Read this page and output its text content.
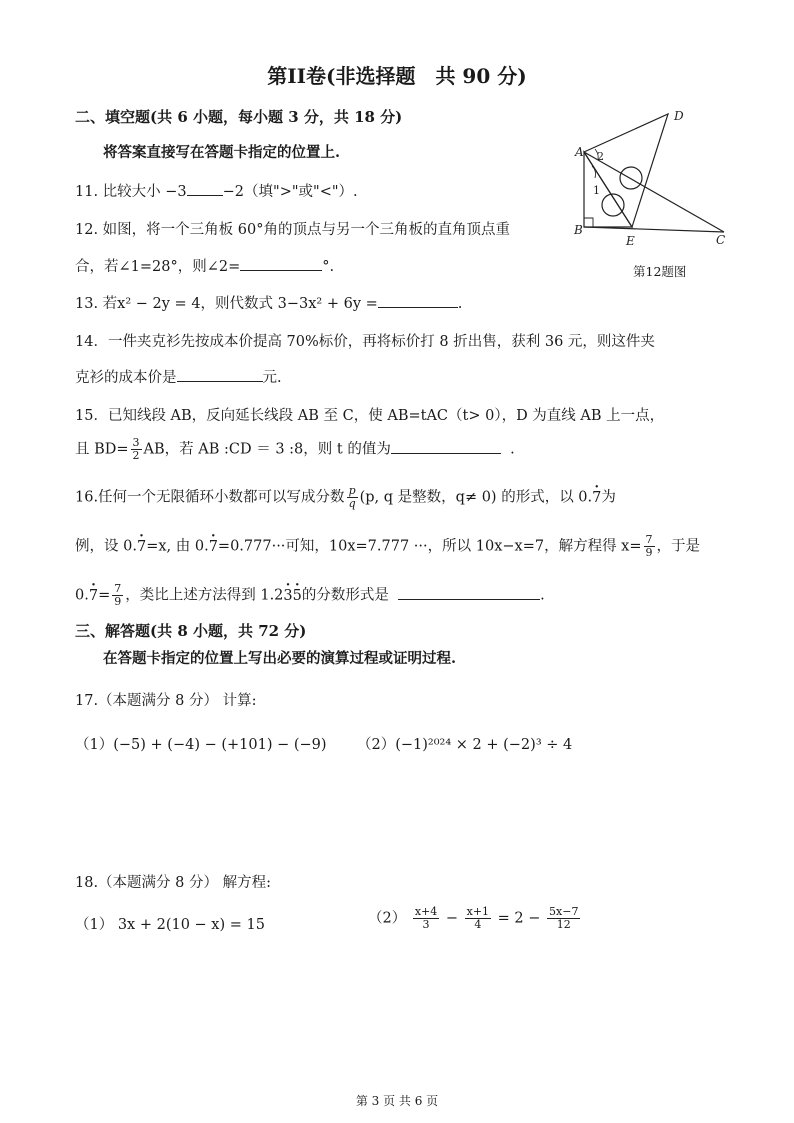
第II卷(非选择题　共 90 分)
二、填空题(共 6 小题，每小题 3 分，共 18 分)
将答案直接写在答题卡指定的位置上.
11. 比较大小 −3 −2（填">"或"<"）.
12. 如图，将一个三角板 60°角的顶点与另一个三角板的直角顶点重
合，若∠1=28°，则∠2=	°.
A
B
C
D
E
1
2
第12题图
13. 若x² − 2y = 4，则代数式 3−3x² + 6y =	.
14．一件夹克衫先按成本价提高 70%标价，再将标价打 8 折出售，获利 36 元，则这件夹
克衫的成本价是	元.
15．已知线段 AB，反向延长线段 AB 至 C，使 AB=tAC（t> 0），D 为直线 AB 上一点，
且 $BD= \frac{3}{2}$ AB，若 AB :CD ＝ 3 :8，则 t 的值为	.
16.任何一个无限循环小数都可以写成分数 $\frac{p}{q} (p$, q 是整数，q≠ 0) 的形式，以 0.· 7为
例，设 0.· 7=x, 由 0.· 7=0.777···可知，10x=7.777 ···，所以 10x−x=7，解方程得 $x= \frac{7}{9}$ ，于是
$0.\cdot 7= \frac{7}{9}$ ，类比上述方法得到 1.2· 3· 5的分数形式是	.
三、解答题(共 8 小题，共 72 分)
在答题卡指定的位置上写出必要的演算过程或证明过程.
17.（本题满分 8 分） 计算:
（1）(−5) + (−4) − (+101) − (−9) （2）(−1)²⁰²⁴ × 2 + (−2)³ ÷ 4
18.（本题满分 8 分） 解方程:
（1） 3x + 2(10 − x) = 15	$(2) \frac{x+4}{3} - \frac{x+1}{4} = 2 - \frac{5x-7}{12}$
第 3 页 共 6 页
